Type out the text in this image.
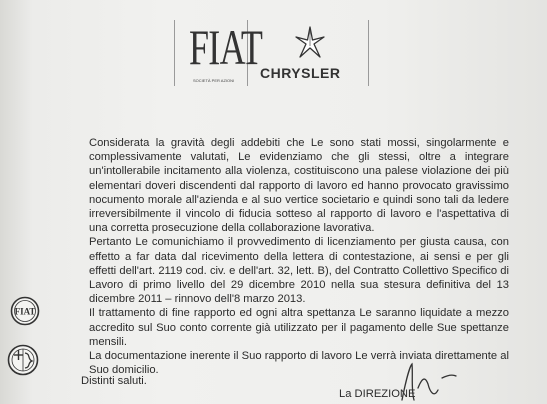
FIAT
SOCIETÀ PER AZIONI CHRYSLER

Considerata la gravità degli addebiti che Le sono stati mossi, singolarmente e complessivamente valutati, Le evidenziamo che gli stessi, oltre a integrare un'intollerabile incitamento alla violenza, costituiscono una palese violazione dei più elementari doveri discendenti dal rapporto di lavoro ed hanno provocato gravissimo nocumento morale all'azienda e al suo vertice societario e quindi sono tali da ledere irreversibilmente il vincolo di fiducia sotteso al rapporto di lavoro e l'aspettativa di una corretta prosecuzione della collaborazione lavorativa.

Pertanto Le comunichiamo il provvedimento di licenziamento per giusta causa, con effetto a far data dal ricevimento della lettera di contestazione, ai sensi e per gli effetti dell'art. 2119 cod. civ. e dell'art. 32, lett. B), del Contratto Collettivo Specifico di Lavoro di primo livello del 29 dicembre 2010 nella sua stesura definitiva del 13 dicembre 2011 – rinnovo dell'8 marzo 2013.

Il trattamento di fine rapporto ed ogni altra spettanza Le saranno liquidate a mezzo accredito sul Suo conto corrente già utilizzato per il pagamento delle Sue spettanze mensili.

La documentazione inerente il Suo rapporto di lavoro Le verrà inviata direttamente al Suo domicilio.

Distinti saluti.
La DIREZIONE
FIAT
